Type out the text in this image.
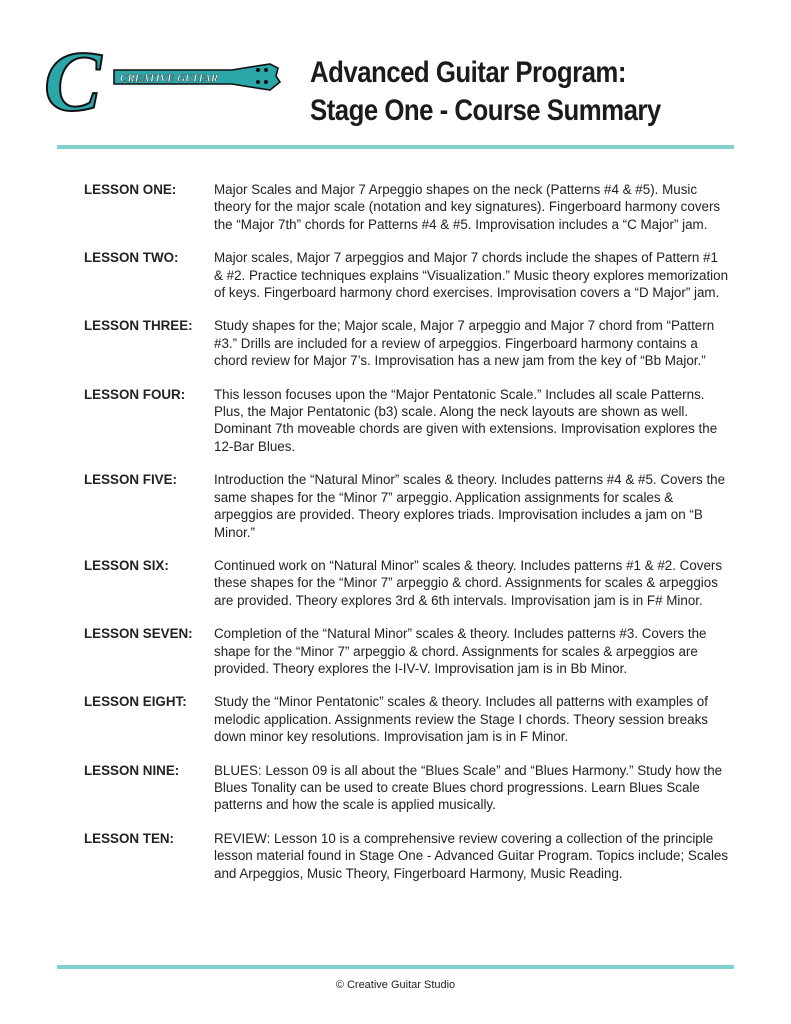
CREATIVE GUITAR
C	Advanced Guitar Program:
Stage One - Course Summary
LESSON ONE:	Major Scales and Major 7 Arpeggio shapes on the neck (Patterns #4 & #5). Music theory for the major scale (notation and key signatures). Fingerboard harmony covers the “Major 7th” chords for Patterns #4 & #5. Improvisation includes a “C Major” jam.
LESSON TWO:	Major scales, Major 7 arpeggios and Major 7 chords include the shapes of Pattern #1 & #2. Practice techniques explains “Visualization.” Music theory explores memorization of keys. Fingerboard harmony chord exercises. Improvisation covers a “D Major” jam.
LESSON THREE:	Study shapes for the; Major scale, Major 7 arpeggio and Major 7 chord from “Pattern #3.” Drills are included for a review of arpeggios. Fingerboard harmony contains a chord review for Major 7’s. Improvisation has a new jam from the key of “Bb Major.”
LESSON FOUR:	This lesson focuses upon the “Major Pentatonic Scale.” Includes all scale Patterns. Plus, the Major Pentatonic (b3) scale. Along the neck layouts are shown as well. Dominant 7th moveable chords are given with extensions. Improvisation explores the 12-Bar Blues.
LESSON FIVE:	Introduction the “Natural Minor” scales & theory. Includes patterns #4 & #5. Covers the same shapes for the “Minor 7” arpeggio. Application assignments for scales & arpeggios are provided. Theory explores triads. Improvisation includes a jam on “B Minor.”
LESSON SIX:	Continued work on “Natural Minor” scales & theory. Includes patterns #1 & #2. Covers these shapes for the “Minor 7” arpeggio & chord. Assignments for scales & arpeggios are provided. Theory explores 3rd & 6th intervals. Improvisation jam is in F# Minor.
LESSON SEVEN:	Completion of the “Natural Minor” scales & theory. Includes patterns #3. Covers the shape for the “Minor 7” arpeggio & chord. Assignments for scales & arpeggios are provided. Theory explores the I-IV-V. Improvisation jam is in Bb Minor.
LESSON EIGHT:	Study the “Minor Pentatonic” scales & theory. Includes all patterns with examples of melodic application. Assignments review the Stage I chords. Theory session breaks down minor key resolutions. Improvisation jam is in F Minor.
LESSON NINE:	BLUES: Lesson 09 is all about the “Blues Scale” and “Blues Harmony.” Study how the Blues Tonality can be used to create Blues chord progressions. Learn Blues Scale patterns and how the scale is applied musically.
LESSON TEN:	REVIEW: Lesson 10 is a comprehensive review covering a collection of the principle lesson material found in Stage One - Advanced Guitar Program. Topics include; Scales and Arpeggios, Music Theory, Fingerboard Harmony, Music Reading.
© Creative Guitar Studio
